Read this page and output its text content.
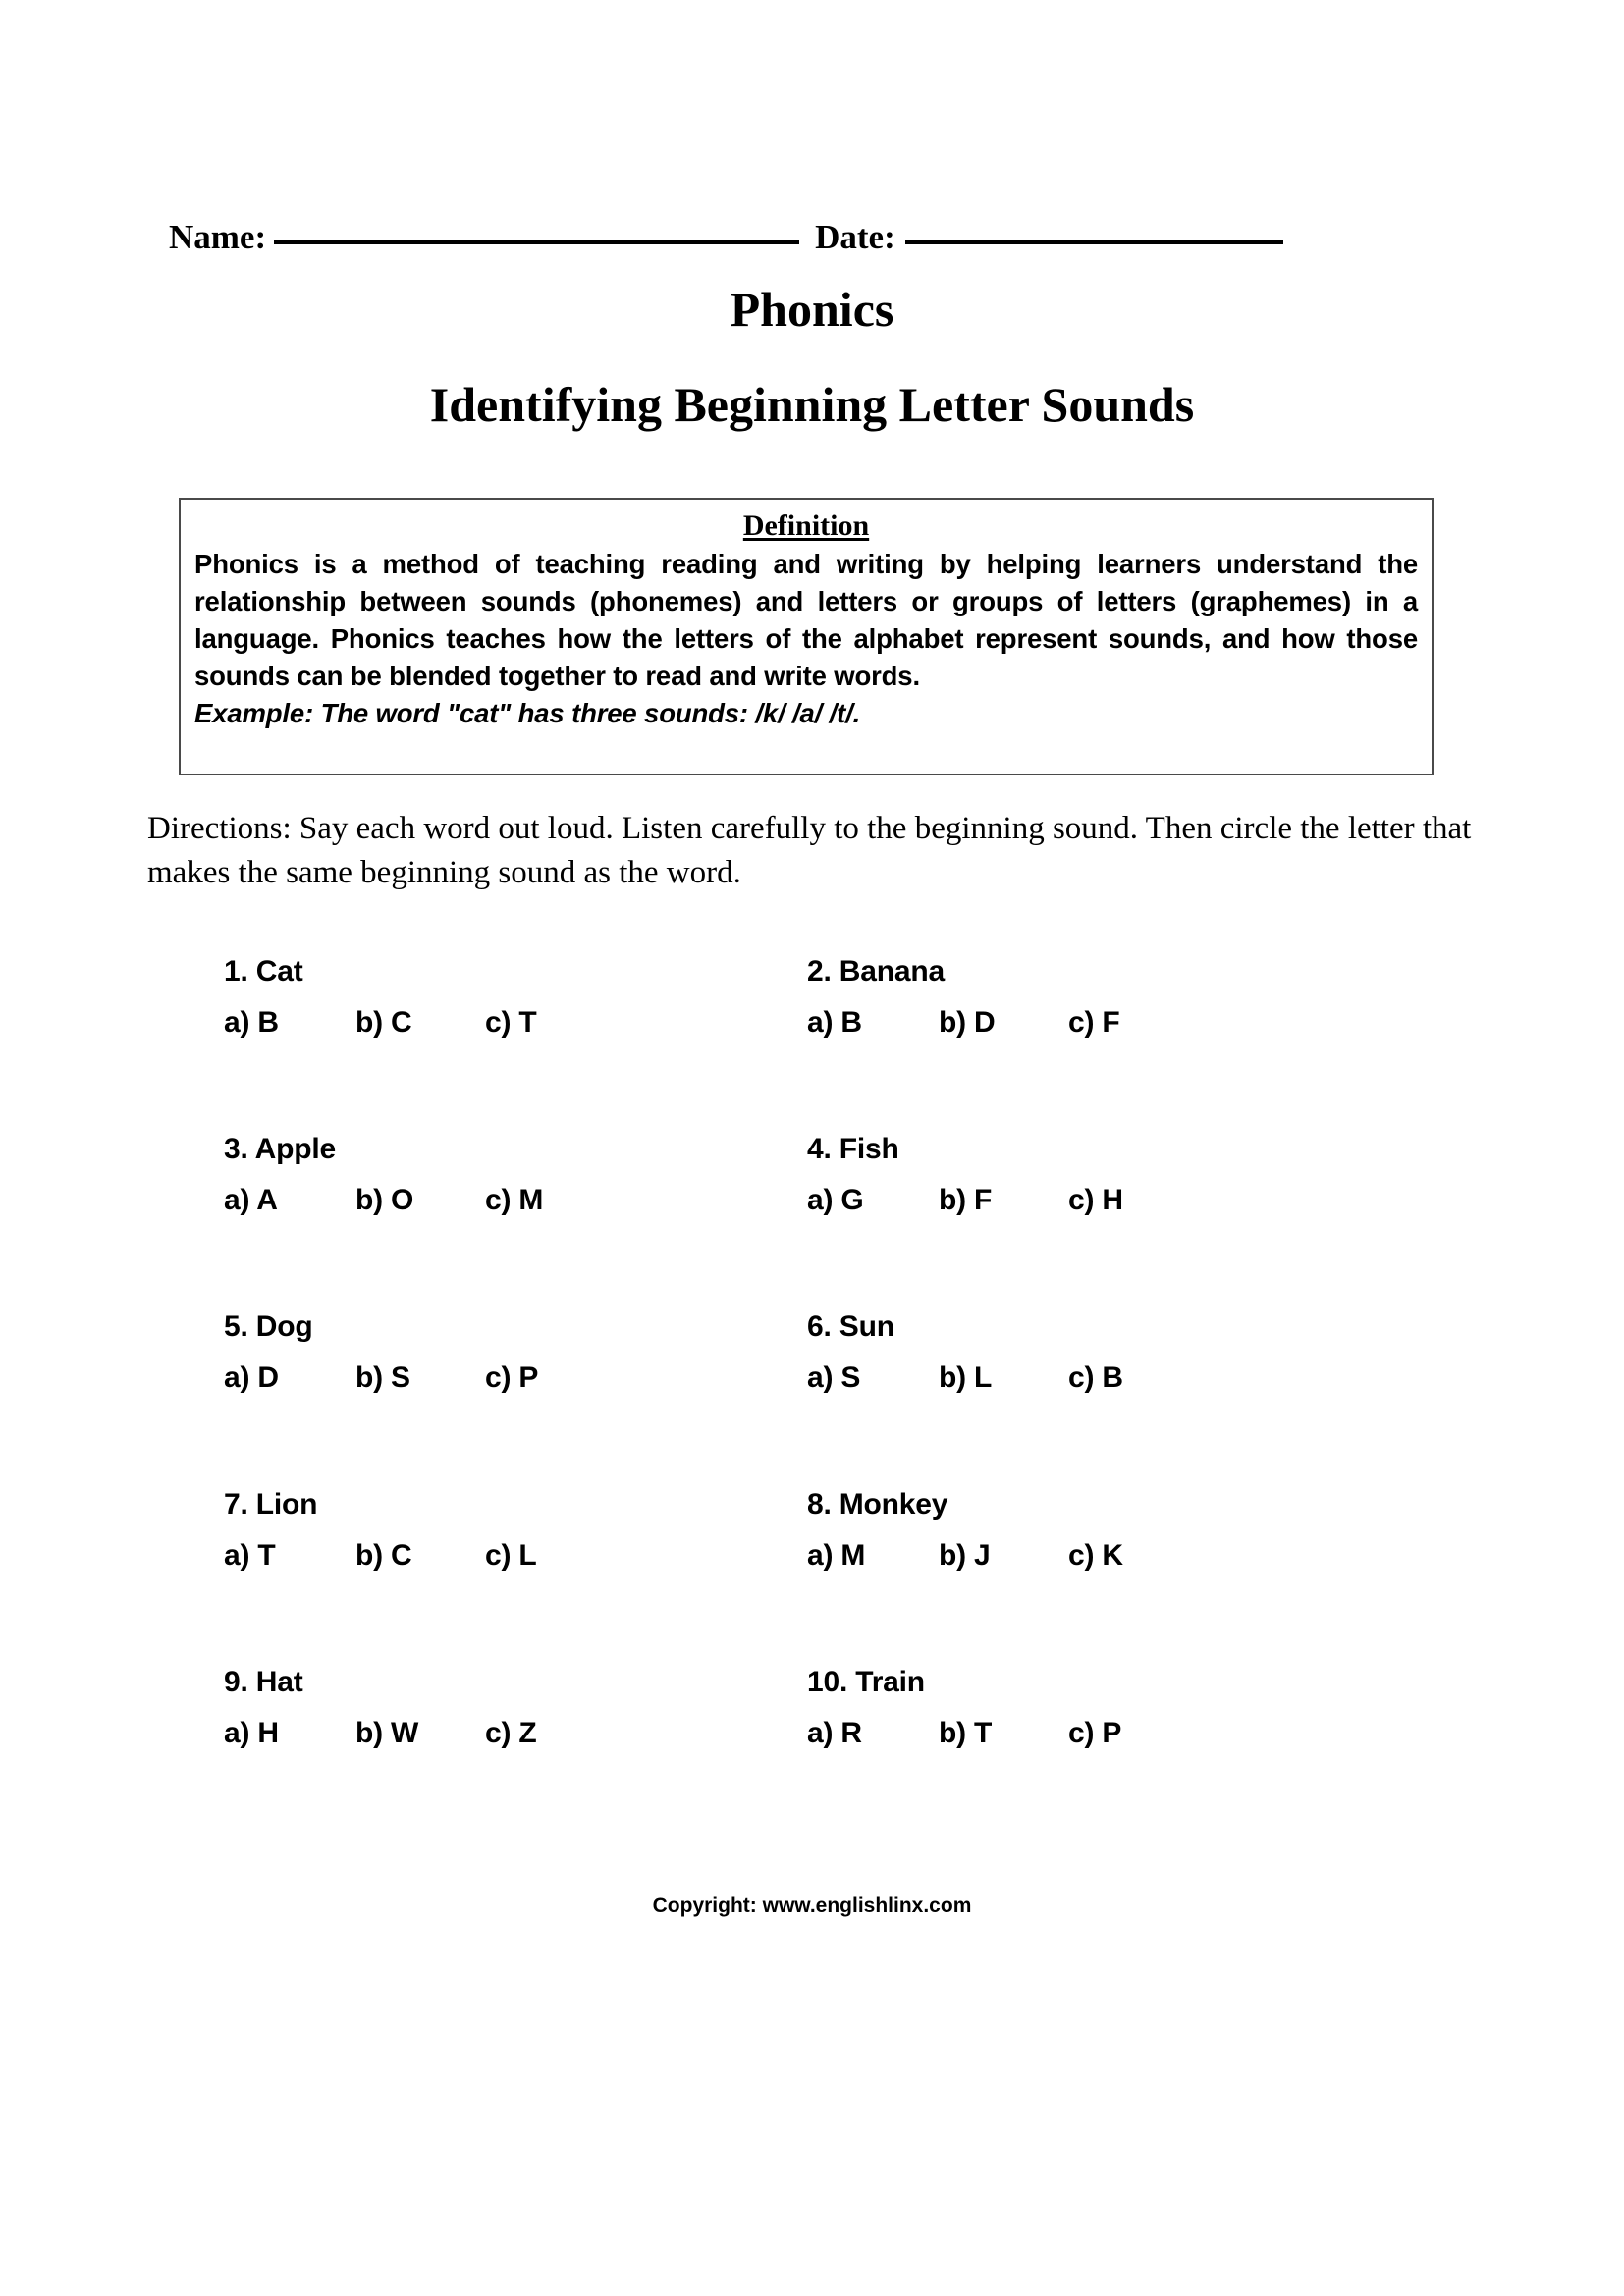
Name:	Date:
Phonics
Identifying Beginning Letter Sounds
Definition

Phonics is a method of teaching reading and writing by helping learners understand the relationship between sounds (phonemes) and letters or groups of letters (graphemes) in a language. Phonics teaches how the letters of the alphabet represent sounds, and how those sounds can be blended together to read and write words.

Example: The word "cat" has three sounds: /k/ /a/ /t/.

Directions: Say each word out loud. Listen carefully to the beginning sound. Then circle the letter that makes the same beginning sound as the word.
1. Cat
a) B	b) C c) T
2. Banana
a) B	b) D c) F
3. Apple
a) A	b) O c) M
4. Fish
a) G	b) F	c) H
5. Dog
a) D	b) S	c) P
6. Sun
a) S	b) L	c) B
7. Lion
a) T	b) C c) L
8. Monkey
a) M b) J	c) K
9. Hat
a) H	b) W c) Z
10. Train
a) R	b) T	c) P
Copyright: www.englishlinx.com
